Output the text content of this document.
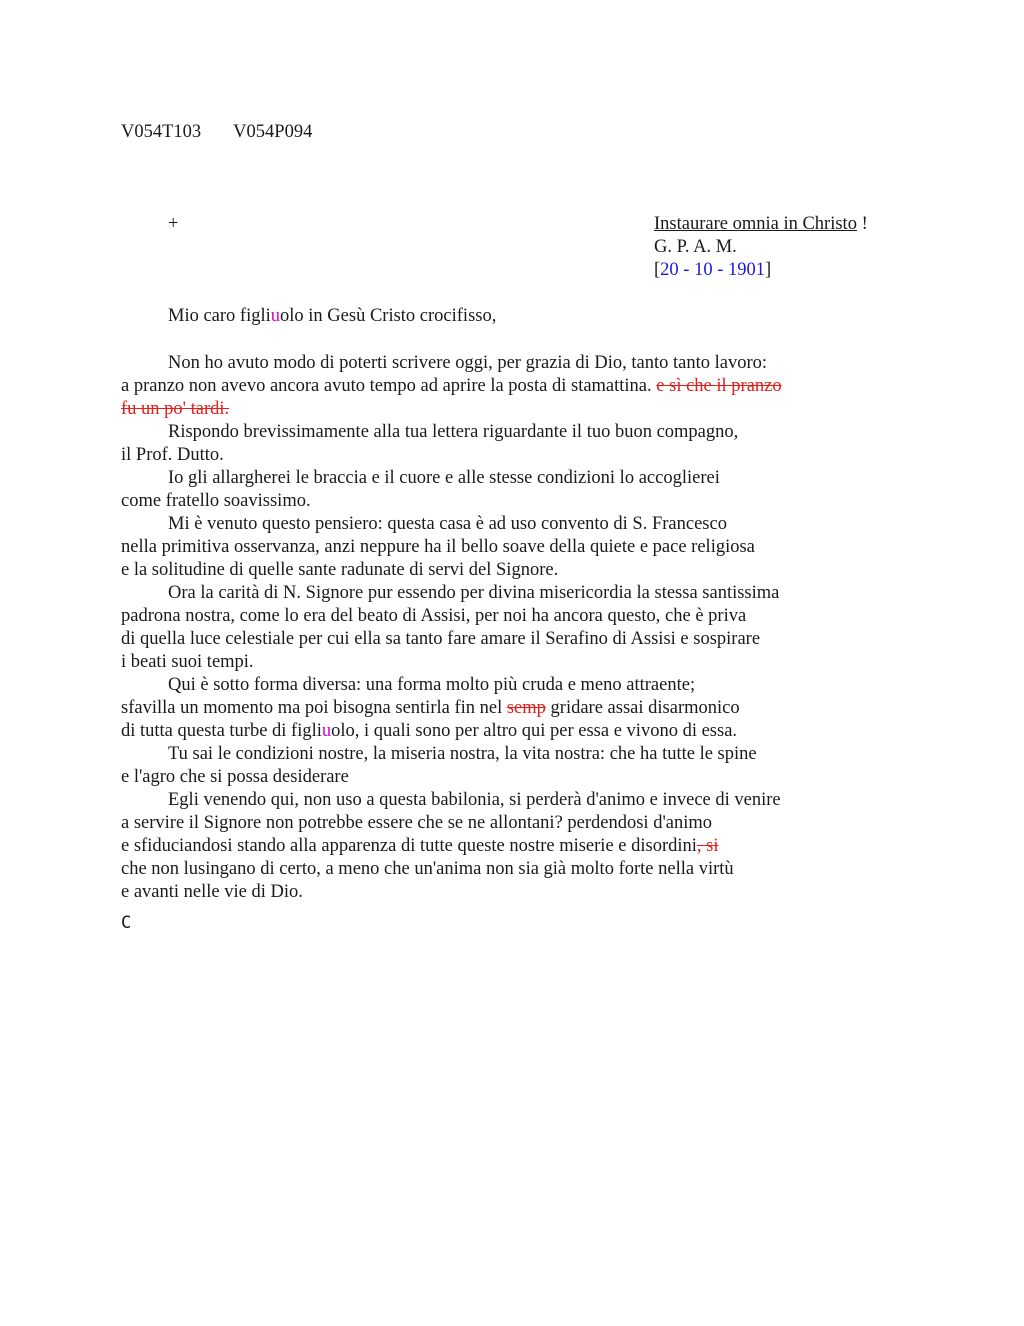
V054T103 V054P094
+	Instaurare omnia in Christo !
G. P. A. M.
[20 - 10 - 1901]
Mio caro figliuolo in Gesù Cristo crocifisso,
Non ho avuto modo di poterti scrivere oggi, per grazia di Dio, tanto tanto lavoro:
a pranzo non avevo ancora avuto tempo ad aprire la posta di stamattina. e sì che il pranzo
fu un po' tardi.
Rispondo brevissimamente alla tua lettera riguardante il tuo buon compagno,
il Prof. Dutto.
Io gli allargherei le braccia e il cuore e alle stesse condizioni lo accoglierei
come fratello soavissimo.
Mi è venuto questo pensiero: questa casa è ad uso convento di S. Francesco
nella primitiva osservanza, anzi neppure ha il bello soave della quiete e pace religiosa
e la solitudine di quelle sante radunate di servi del Signore.
Ora la carità di N. Signore pur essendo per divina misericordia la stessa santissima
padrona nostra, come lo era del beato di Assisi, per noi ha ancora questo, che è priva
di quella luce celestiale per cui ella sa tanto fare amare il Serafino di Assisi e sospirare
i beati suoi tempi.
Qui è sotto forma diversa: una forma molto più cruda e meno attraente;
sfavilla un momento ma poi bisogna sentirla fin nel semp gridare assai disarmonico
di tutta questa turbe di figliuolo, i quali sono per altro qui per essa e vivono di essa.
Tu sai le condizioni nostre, la miseria nostra, la vita nostra: che ha tutte le spine
e l'agro che si possa desiderare
Egli venendo qui, non uso a questa babilonia, si perderà d'animo e invece di venire
a servire il Signore non potrebbe essere che se ne allontani? perdendosi d'animo
e sfiduciandosi stando alla apparenza di tutte queste nostre miserie e disordini, si
che non lusingano di certo, a meno che un'anima non sia già molto forte nella virtù
e avanti nelle vie di Dio.
C
